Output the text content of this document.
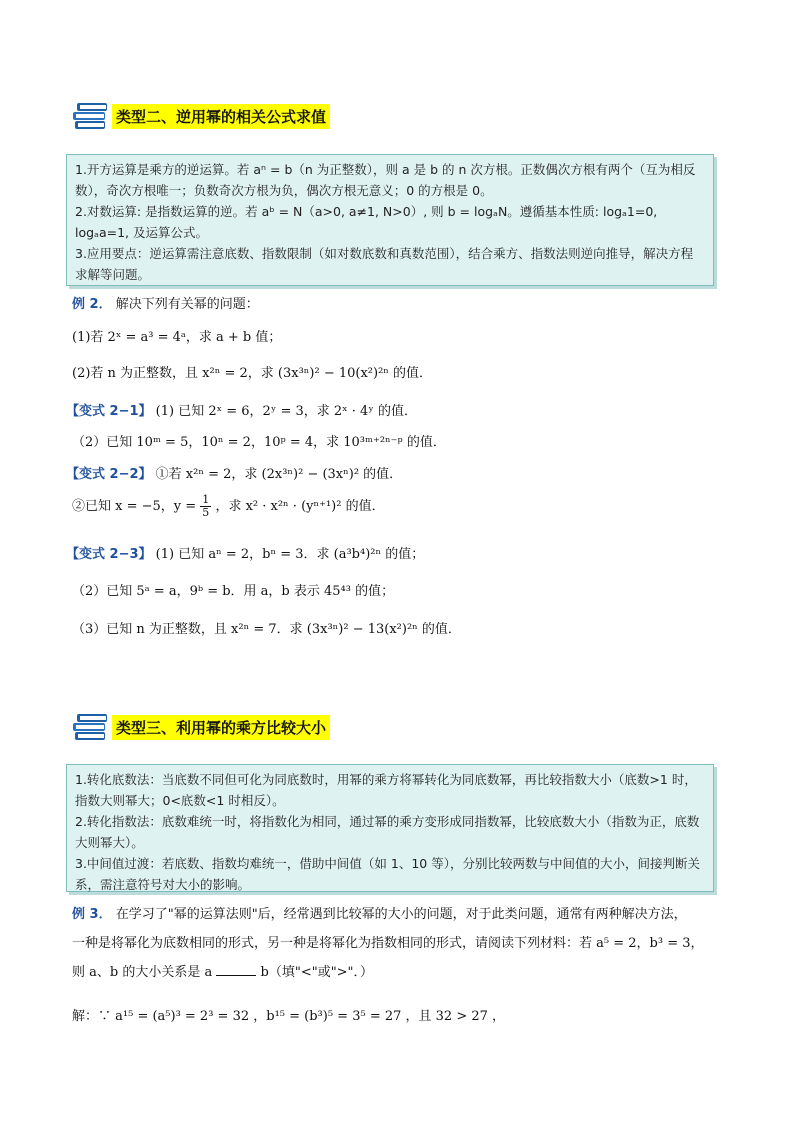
类型二、逆用幂的相关公式求值

1.开方运算是乘方的逆运算。若 aⁿ = b（n 为正整数），则 a 是 b 的 n 次方根。正数偶次方根有两个（互为相反数），奇次方根唯一；负数奇次方根为负，偶次方根无意义；0 的方根是 0。

2.对数运算: 是指数运算的逆。若 aᵇ = N（a>0, a≠1, N>0）, 则 b = logₐN。遵循基本性质: logₐ1=0, logₐa=1, 及运算公式。

3.应用要点：逆运算需注意底数、指数限制（如对数底数和真数范围），结合乘方、指数法则逆向推导，解决方程求解等问题。

例 2． 解决下列有关幂的问题：
(1)若 2ˣ = a³ = 4ᵃ，求 a + b 值；
(2)若 n 为正整数，且 x²ⁿ = 2，求 (3x³ⁿ)² − 10(x²)²ⁿ 的值．
【变式 2−1】 (1) 已知 2ˣ = 6，2ʸ = 3，求 2ˣ · 4ʸ 的值．
（2）已知 10ᵐ = 5，10ⁿ = 2，10ᵖ = 4，求 10³ᵐ⁺²ⁿ⁻ᵖ 的值．
【变式 2−2】 ①若 x²ⁿ = 2，求 (2x³ⁿ)² − (3xⁿ)² 的值．
②已知 x = −5，$y = \frac{1}{5}$ ，求 x² · x²ⁿ · (yⁿ⁺¹)² 的值．
【变式 2−3】 (1) 已知 aⁿ = 2，bⁿ = 3．求 (a³b⁴)²ⁿ 的值；
（2）已知 5ᵃ = a，9ᵇ = b．用 a，b 表示 45⁴³ 的值；
（3）已知 n 为正整数，且 x²ⁿ = 7．求 (3x³ⁿ)² − 13(x²)²ⁿ 的值．
类型三、利用幂的乘方比较大小

1.转化底数法：当底数不同但可化为同底数时，用幂的乘方将幂转化为同底数幂，再比较指数大小（底数>1 时，指数大则幂大；0<底数<1 时相反）。

2.转化指数法：底数难统一时，将指数化为相同，通过幂的乘方变形成同指数幂，比较底数大小（指数为正，底数大则幂大）。

3.中间值过渡：若底数、指数均难统一，借助中间值（如 1、10 等），分别比较两数与中间值的大小，间接判断关系，需注意符号对大小的影响。

例 3． 在学习了"幂的运算法则"后，经常遇到比较幂的大小的问题，对于此类问题，通常有两种解决方法，
一种是将幂化为底数相同的形式，另一种是将幂化为指数相同的形式，请阅读下列材料：若 a⁵ = 2，b³ = 3，
则 a、b 的大小关系是 a	b（填"<"或">"．）
解：∵ a¹⁵ = (a⁵)³ = 2³ = 32 ，b¹⁵ = (b³)⁵ = 3⁵ = 27 ，且 32 > 27 ，
